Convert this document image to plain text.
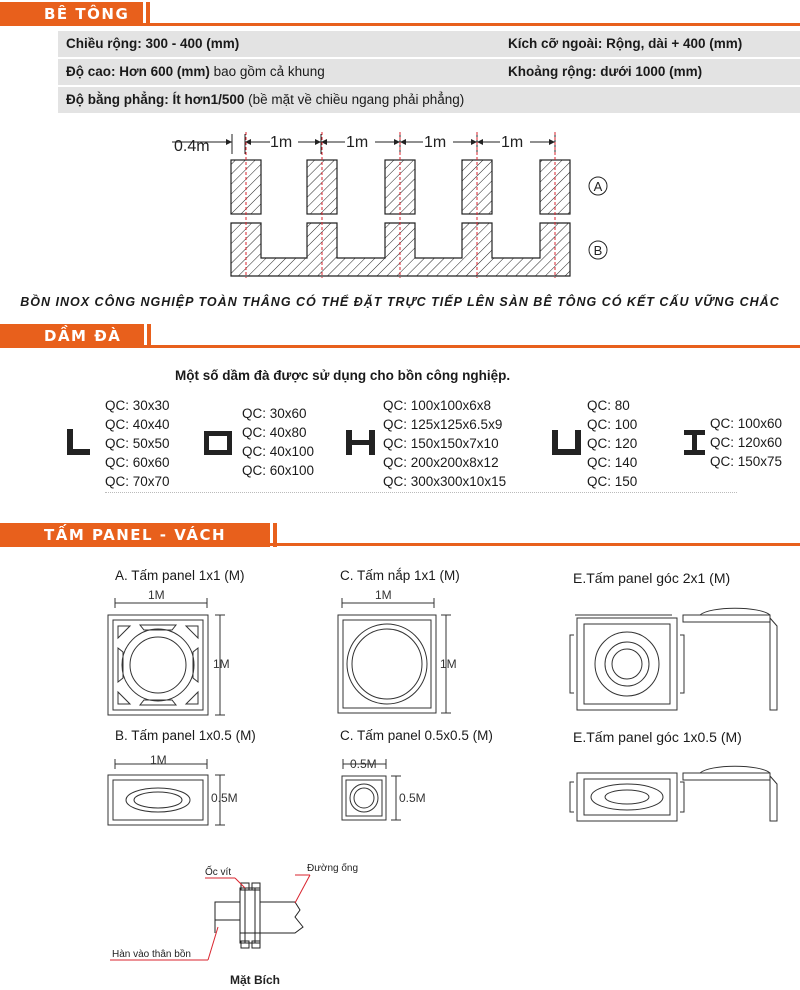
BÊ TÔNG
Chiều rộng: 300 - 400 (mm)	Kích cỡ ngoài: Rộng, dài + 400 (mm)
Độ cao: Hơn 600 (mm) bao gồm cả khung	Khoảng rộng: dưới 1000 (mm)
Độ bằng phẳng: Ít hơn1/500 (bề mặt về chiều ngang phải phẳng)
0.4m	1m	1m	1m	1m
A
B
BỒN INOX CÔNG NGHIỆP TOÀN THÂNG CÓ THỂ ĐẶT TRỰC TIẾP LÊN SÀN BÊ TÔNG CÓ KẾT CẤU VỮNG CHẮC
DẦM ĐÀ
Một số dầm đà được sử dụng cho bồn công nghiệp.
QC: 30x30
QC: 40x40
QC: 50x50
QC: 60x60
QC: 70x70
QC: 30x60
QC: 40x80
QC: 40x100
QC: 60x100
QC: 100x100x6x8
QC: 125x125x6.5x9
QC: 150x150x7x10
QC: 200x200x8x12
QC: 300x300x10x15
QC: 80
QC: 100
QC: 120
QC: 140
QC: 150
QC: 100x60
QC: 120x60
QC: 150x75
TẤM PANEL - VÁCH
A. Tấm panel 1x1 (M)	C. Tấm nắp 1x1 (M)	E.Tấm panel góc 2x1 (M)
B. Tấm panel 1x0.5 (M)	C. Tấm panel 0.5x0.5 (M)	E.Tấm panel góc 1x0.5 (M)
1M
1M
1M
1M
1M
0.5M
0.5M
0.5M
Ốc vít	Đường ống
Hàn vào thân bồn
Mặt Bích
